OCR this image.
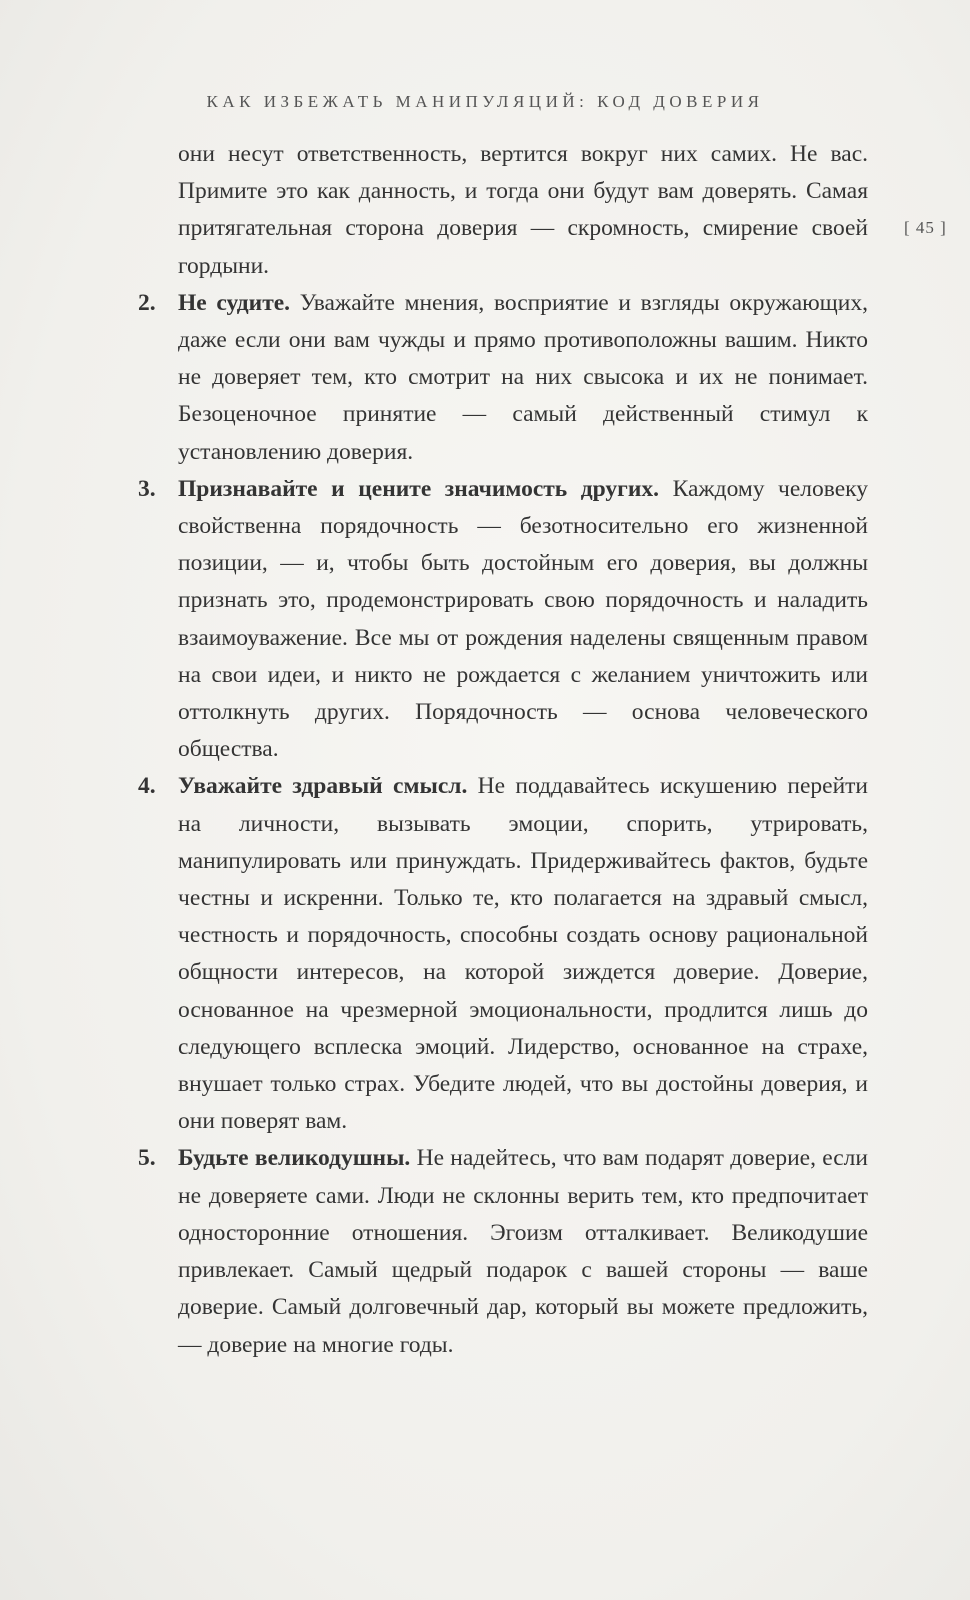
КАК ИЗБЕЖАТЬ МАНИПУЛЯЦИЙ: КОД ДОВЕРИЯ
[ 45 ]

они несут ответственность, вертится вокруг них самих. Не вас. Примите это как данность, и тогда они будут вам доверять. Самая притягательная сторона доверия — скромность, смирение своей гордыни.

2. Не судите. Уважайте мнения, восприятие и взгляды окружающих, даже если они вам чужды и прямо противоположны вашим. Никто не доверяет тем, кто смотрит на них свысока и их не понимает. Безоценочное принятие — самый действенный стимул к установлению доверия.

3. Признавайте и цените значимость других. Каждому человеку свойственна порядочность — безотносительно его жизненной позиции, — и, чтобы быть достойным его доверия, вы должны признать это, продемонстрировать свою порядочность и наладить взаимоуважение. Все мы от рождения наделены священным правом на свои идеи, и никто не рождается с желанием уничтожить или оттолкнуть других. Порядочность — основа человеческого общества.

4. Уважайте здравый смысл. Не поддавайтесь искушению перейти на личности, вызывать эмоции, спорить, утрировать, манипулировать или принуждать. Придерживайтесь фактов, будьте честны и искренни. Только те, кто полагается на здравый смысл, честность и порядочность, способны создать основу рациональной общности интересов, на которой зиждется доверие. Доверие, основанное на чрезмерной эмоциональности, продлится лишь до следующего всплеска эмоций. Лидерство, основанное на страхе, внушает только страх. Убедите людей, что вы достойны доверия, и они поверят вам.

5. Будьте великодушны. Не надейтесь, что вам подарят доверие, если не доверяете сами. Люди не склонны верить тем, кто предпочитает односторонние отношения. Эгоизм отталкивает. Великодушие привлекает. Самый щедрый подарок с вашей стороны — ваше доверие. Самый долговечный дар, который вы можете предложить, — доверие на многие годы.
